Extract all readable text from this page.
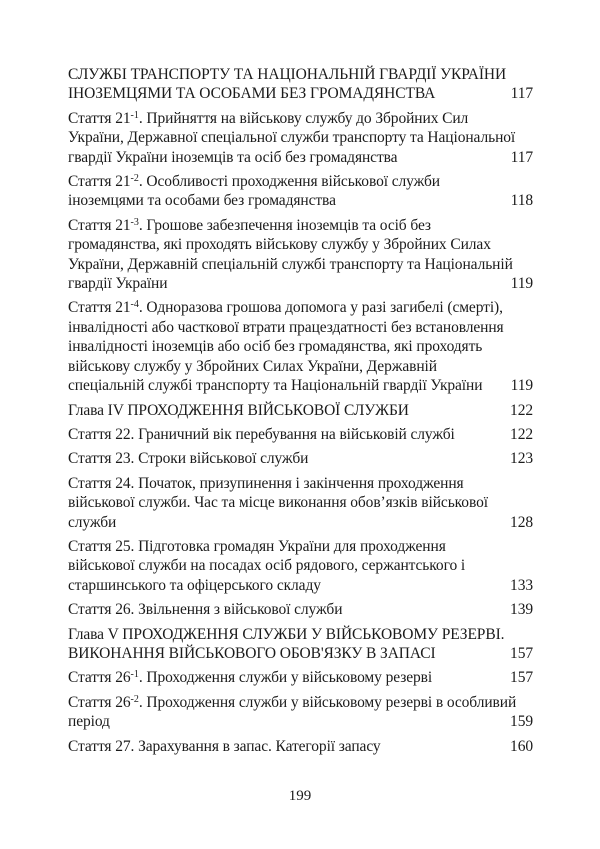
СЛУЖБІ ТРАНСПОРТУ ТА НАЦІОНАЛЬНІЙ ГВАРДІЇ УКРАЇНИ
ІНОЗЕМЦЯМИ ТА ОСОБАМИ БЕЗ ГРОМАДЯНСТВА	117

Стаття $21^{-1}$. Прийняття на військову службу до Збройних Сил
України, Державної спеціальної служби транспорту та Національної
гвардії України іноземців та осіб без громадянства	117

Стаття $21^{-2}$. Особливості проходження військової служби
іноземцями та особами без громадянства	118

Стаття $21^{-3}$. Грошове забезпечення іноземців та осіб без
громадянства, які проходять військову службу у Збройних Силах
України, Державній спеціальній службі транспорту та Національній
гвардії України	119

Стаття $21^{-4}$. Одноразова грошова допомога у разі загибелі (смерті),
інвалідності або часткової втрати працездатності без встановлення
інвалідності іноземців або осіб без громадянства, які проходять
військову службу у Збройних Силах України, Державній
спеціальній службі транспорту та Національній гвардії України 119

Глава IV ПРОХОДЖЕННЯ ВІЙСЬКОВОЇ СЛУЖБИ	122

Стаття 22. Граничний вік перебування на військовій службі	122

Стаття 23. Строки військової служби	123

Стаття 24. Початок, призупинення і закінчення проходження
військової служби. Час та місце виконання обов’язків військової
служби	128

Стаття 25. Підготовка громадян України для проходження
військової служби на посадах осіб рядового, сержантського і
старшинського та офіцерського складу	133

Стаття 26. Звільнення з військової служби	139

Глава V ПРОХОДЖЕННЯ СЛУЖБИ У ВІЙСЬКОВОМУ РЕЗЕРВІ.
ВИКОНАННЯ ВІЙСЬКОВОГО ОБОВ'ЯЗКУ В ЗАПАСІ	157

Стаття $26^{-1}$. Проходження служби у військовому резерві	157

Стаття $26^{-2}$. Проходження служби у військовому резерві в особливий
період	159

Стаття 27. Зарахування в запас. Категорії запасу	160

199
